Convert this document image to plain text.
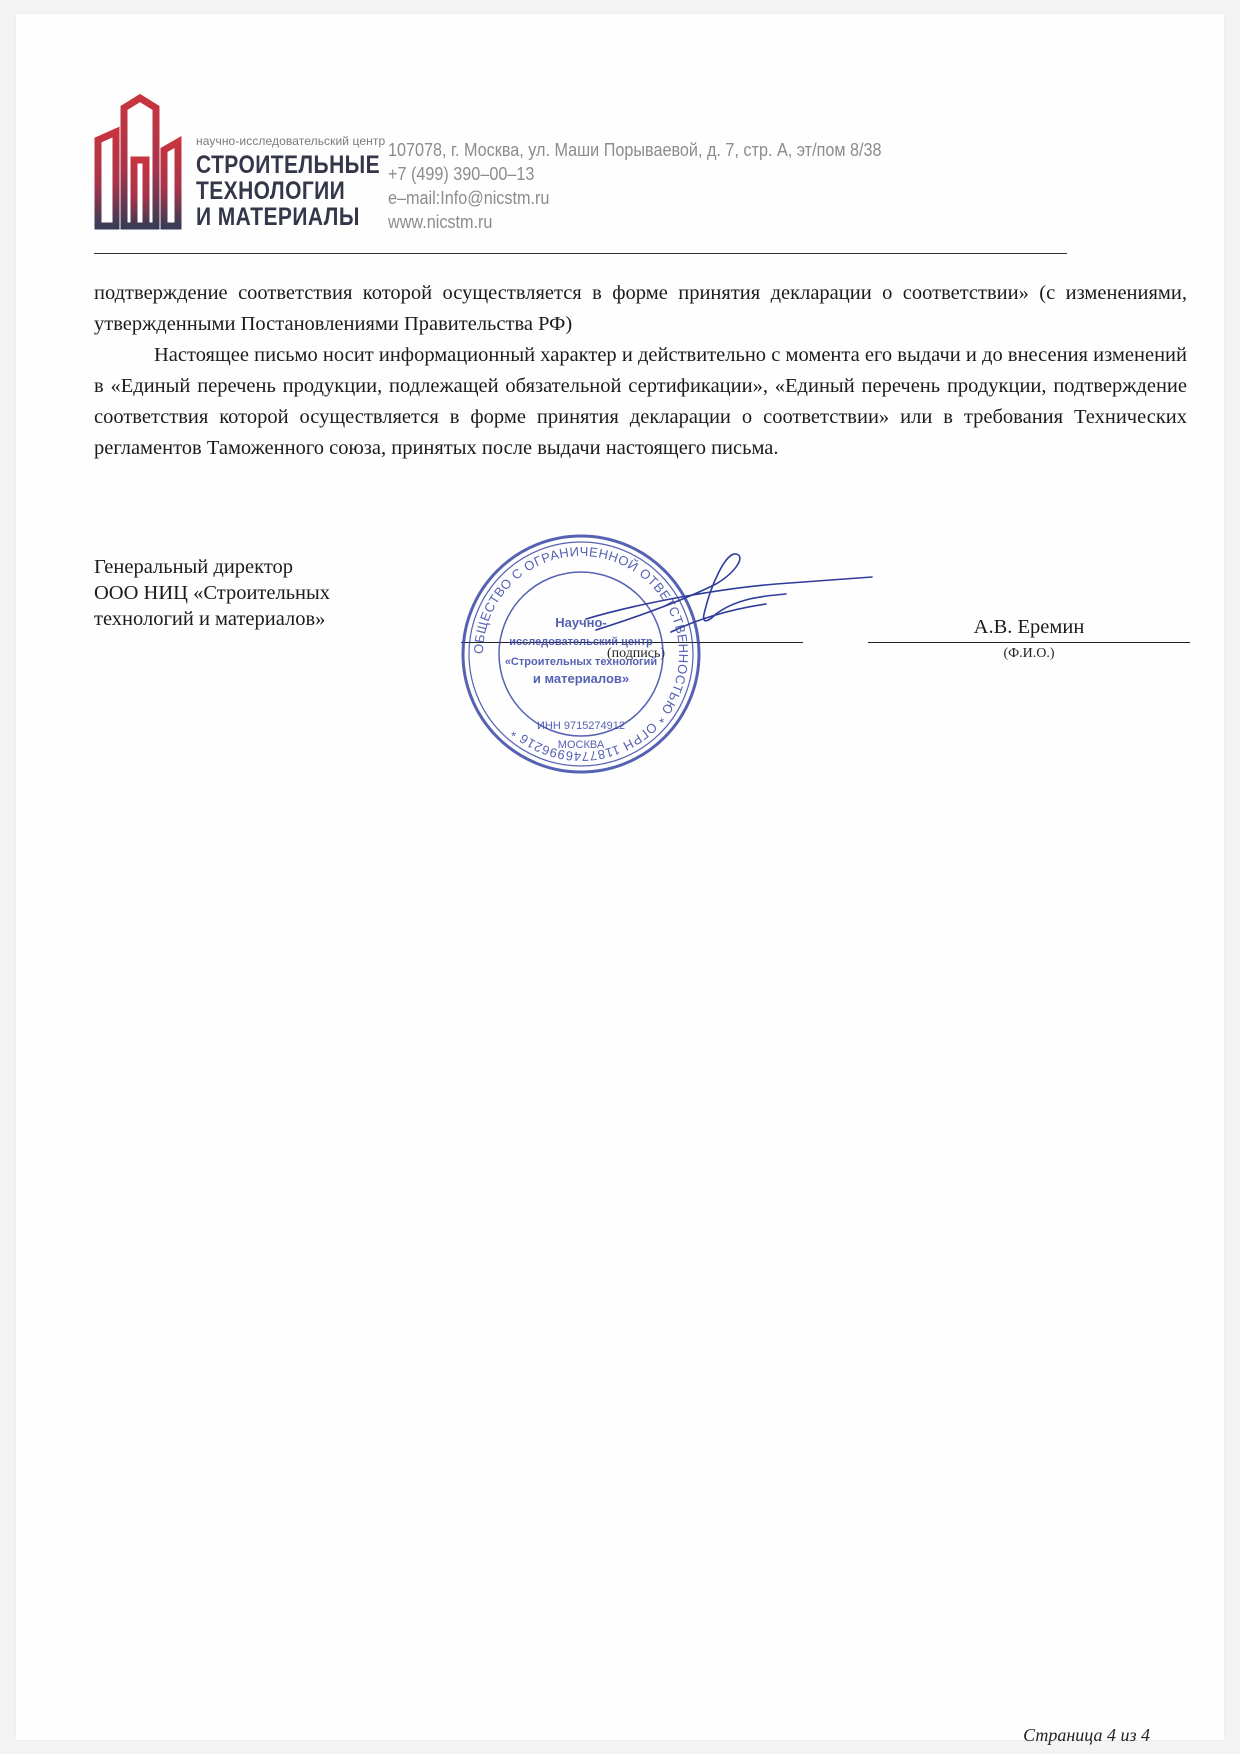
научно-исследовательский центр
СТРОИТЕЛЬНЫЕ
ТЕХНОЛОГИИ
И МАТЕРИАЛЫ
107078, г. Москва, ул. Маши Порываевой, д. 7, стр. А, эт/пом 8/38
+7 (499) 390–00–13
e–mail:Info@nicstm.ru
www.nicstm.ru

подтверждение соответствия которой осуществляется в форме принятия декларации о соответствии» (с изменениями, утвержденными Постановлениями Правительства РФ)

Настоящее письмо носит информационный характер и действительно с момента его выдачи и до внесения изменений в «Единый перечень продукции, подлежащей обязательной сертификации», «Единый перечень продукции, подтверждение соответствия которой осуществляется в форме принятия декларации о соответствии» или в требования Технических регламентов Таможенного союза, принятых после выдачи настоящего письма.

Генеральный директор
ООО НИЦ «Строительных
технологий и материалов»
(подпись)
А.В. Еремин
(Ф.И.О.)
ОБЩЕСТВО С ОГРАНИЧЕННОЙ ОТВЕТСТВЕННОСТЬЮ * ОГРН 1187746996216 *	ИНН 9715274912
МОСКВА
Научно-
исследовательский центр
«Строительных технологий
и материалов»
Страница 4 из 4
